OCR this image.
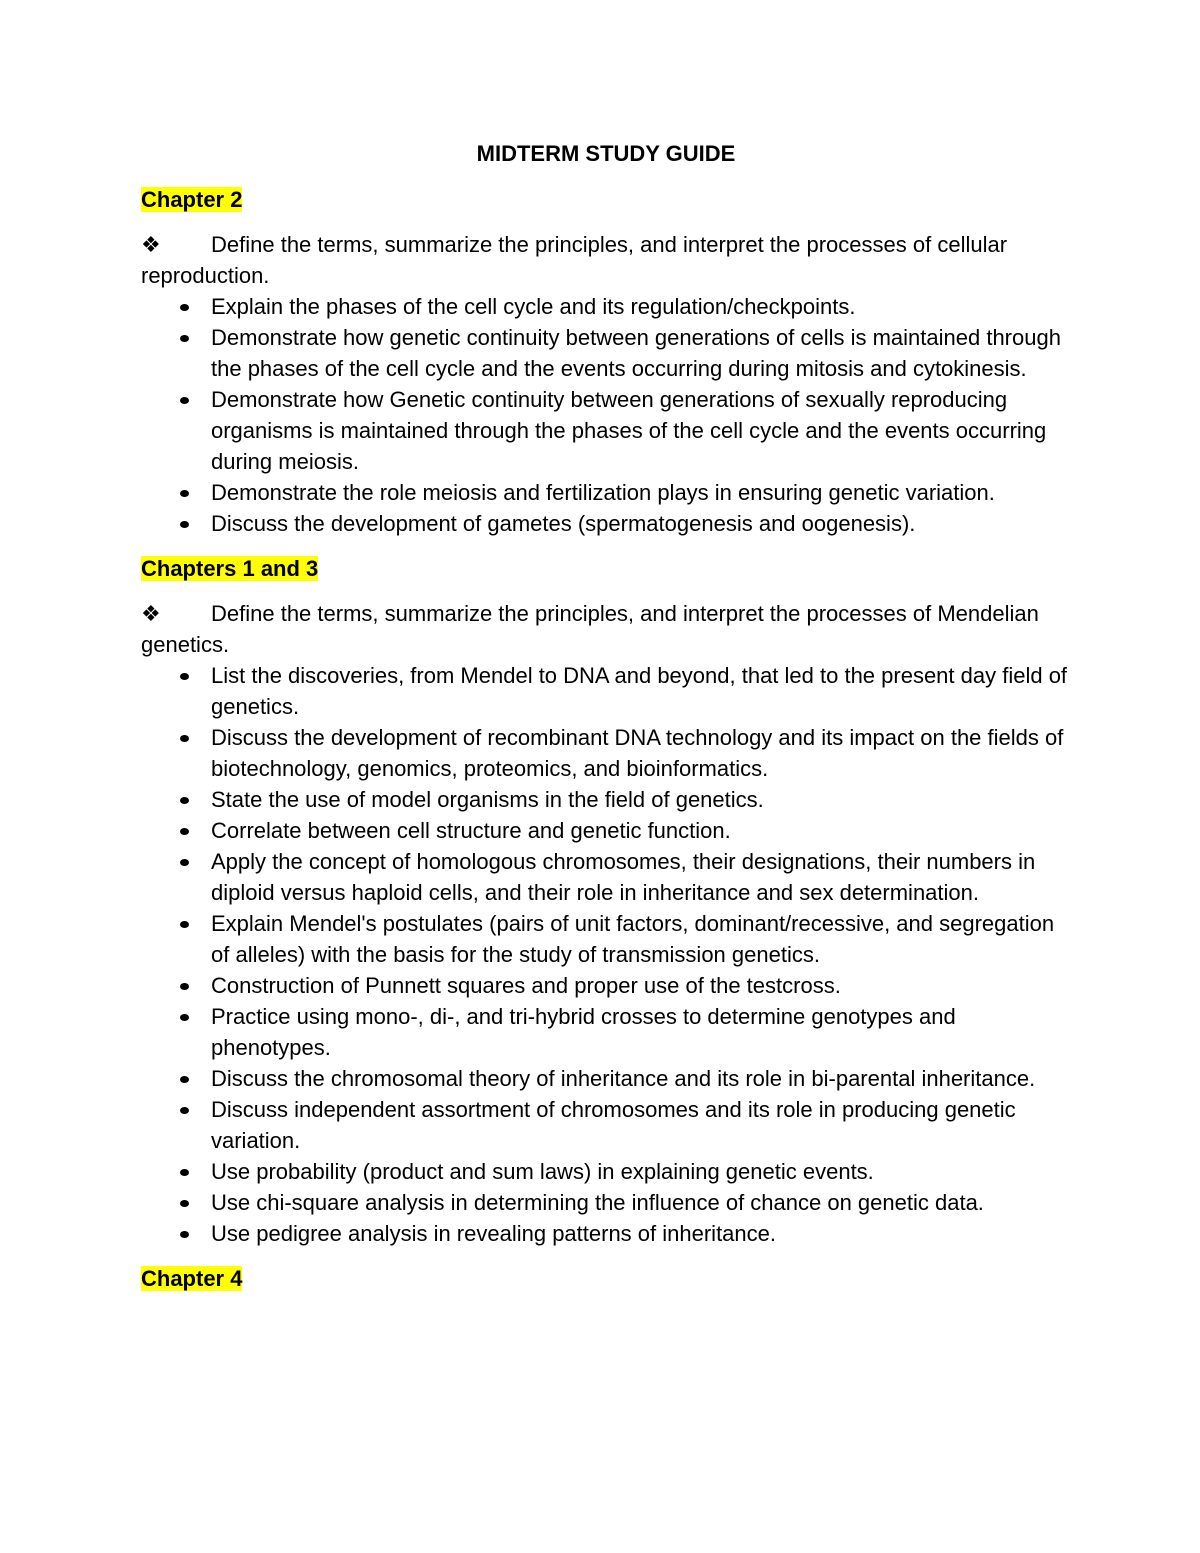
MIDTERM STUDY GUIDE
Chapter 2

❖ Define the terms, summarize the principles, and interpret the processes of cellular reproduction.

Explain the phases of the cell cycle and its regulation/checkpoints.
Demonstrate how genetic continuity between generations of cells is maintained through the phases of the cell cycle and the events occurring during mitosis and cytokinesis.
Demonstrate how Genetic continuity between generations of sexually reproducing organisms is maintained through the phases of the cell cycle and the events occurring during meiosis.
Demonstrate the role meiosis and fertilization plays in ensuring genetic variation.
Discuss the development of gametes (spermatogenesis and oogenesis).
Chapters 1 and 3

❖ Define the terms, summarize the principles, and interpret the processes of Mendelian genetics.

List the discoveries, from Mendel to DNA and beyond, that led to the present day field of genetics.
Discuss the development of recombinant DNA technology and its impact on the fields of biotechnology, genomics, proteomics, and bioinformatics.
State the use of model organisms in the field of genetics.
Correlate between cell structure and genetic function.
Apply the concept of homologous chromosomes, their designations, their numbers in diploid versus haploid cells, and their role in inheritance and sex determination.
Explain Mendel's postulates (pairs of unit factors, dominant/recessive, and segregation of alleles) with the basis for the study of transmission genetics.
Construction of Punnett squares and proper use of the testcross.
Practice using mono-, di-, and tri-hybrid crosses to determine genotypes and phenotypes.
Discuss the chromosomal theory of inheritance and its role in bi-parental inheritance.
Discuss independent assortment of chromosomes and its role in producing genetic variation.
Use probability (product and sum laws) in explaining genetic events.
Use chi-square analysis in determining the influence of chance on genetic data.
Use pedigree analysis in revealing patterns of inheritance.
Chapter 4
